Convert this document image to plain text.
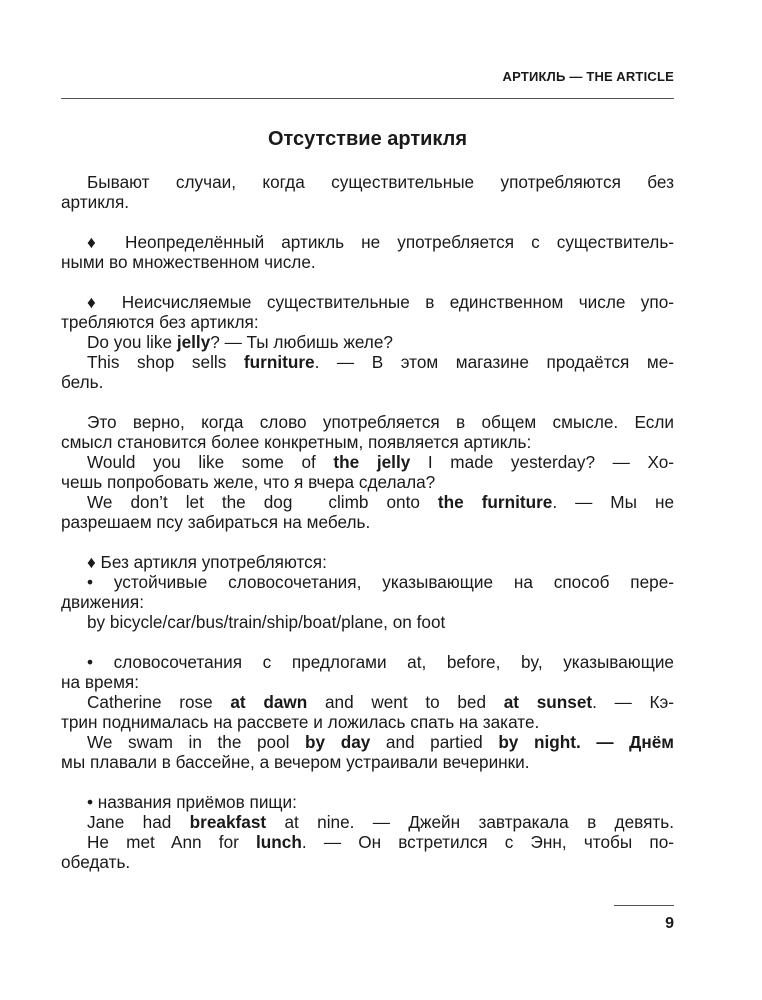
АРТИКЛЬ — THE ARTICLE
Отсутствие артикля
Бывают случаи, когда существительные употребляются без
артикля.
♦ Неопределённый артикль не употребляется с существитель-
ными во множественном числе.
♦ Неисчисляемые существительные в единственном числе упо-
требляются без артикля:
Do you like jelly? — Ты любишь желе?
This shop sells furniture. — В этом магазине продаётся ме-
бель.
Это верно, когда слово употребляется в общем смысле. Если
смысл становится более конкретным, появляется артикль:
Would you like some of the jelly I made yesterday? — Хо-
чешь попробовать желе, что я вчера сделала?
We don’t let the dog  climb onto the furniture. — Мы не
разрешаем псу забираться на мебель.
♦ Без артикля употребляются:
• устойчивые словосочетания, указывающие на способ пере-
движения:
by bicycle/car/bus/train/ship/boat/plane, on foot
• словосочетания с предлогами at, before, by, указывающие
на время:
Catherine rose at dawn and went to bed at sunset. — Кэ-
трин поднималась на рассвете и ложилась спать на закате.
We swam in the pool by day and partied by night. — Днём
мы плавали в бассейне, а вечером устраивали вечеринки.
• названия приёмов пищи:
Jane had breakfast at nine. — Джейн завтракала в девять.
He met Ann for lunch. — Он встретился с Энн, чтобы по-
обедать.
9
